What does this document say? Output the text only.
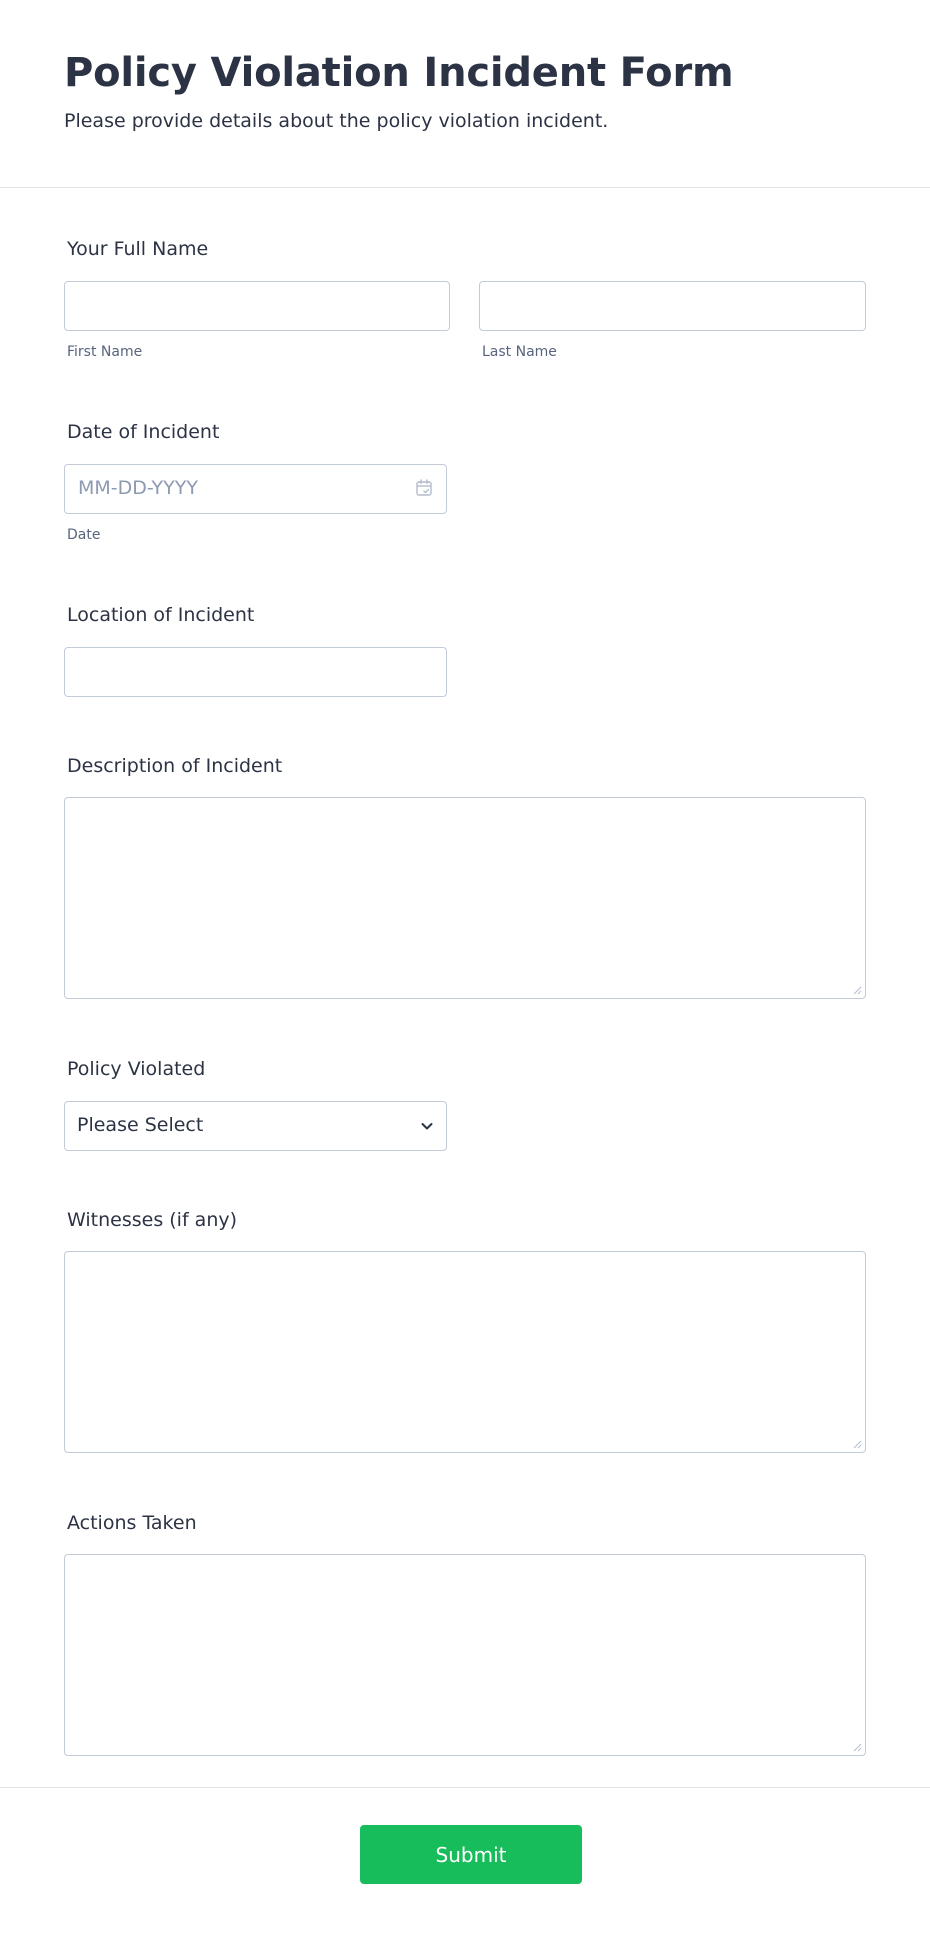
Policy Violation Incident Form
Please provide details about the policy violation incident.
Your Full Name
First Name	Last Name
Date of Incident
MM-DD-YYYY
Date
Location of Incident
Description of Incident
Policy Violated
Please Select
Witnesses (if any)
Actions Taken
Submit
